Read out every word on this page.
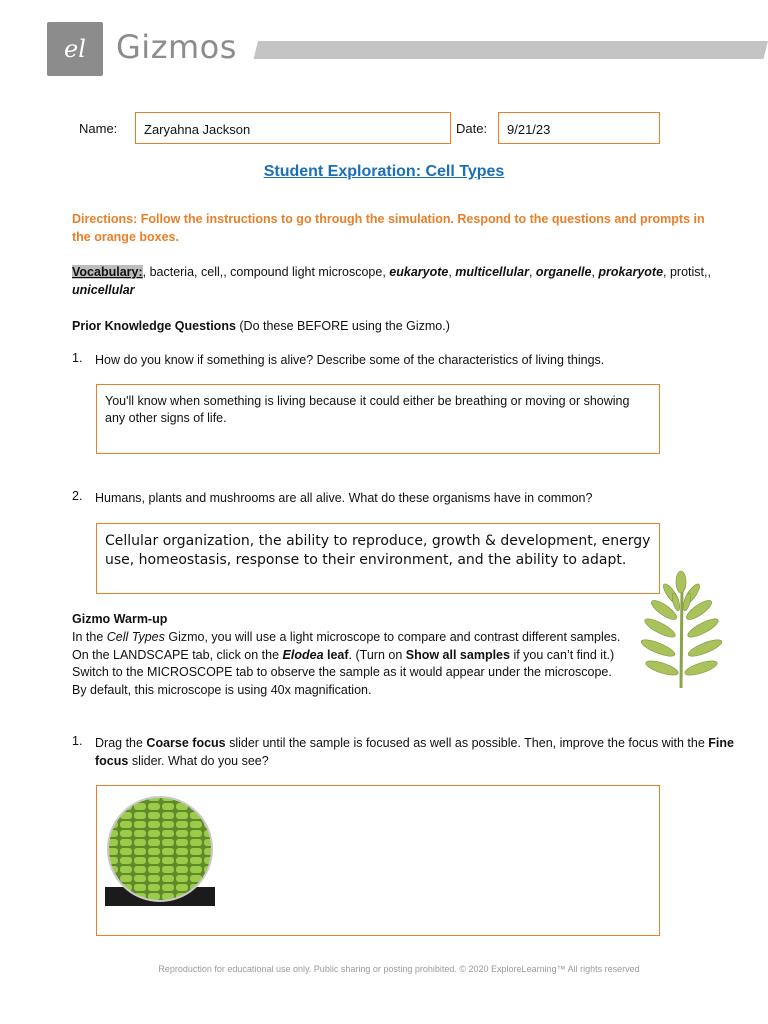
el Gizmos
Name:	Zaryahna Jackson	Date:	9/21/23
Student Exploration: Cell Types
Directions: Follow the instructions to go through the simulation. Respond to the questions and prompts in the orange boxes.
Vocabulary:, bacteria, cell,, compound light microscope, eukaryote, multicellular, organelle, prokaryote, protist,, unicellular
Prior Knowledge Questions (Do these BEFORE using the Gizmo.)
1. How do you know if something is alive? Describe some of the characteristics of living things.
You'll know when something is living because it could either be breathing or moving or showing any other signs of life.
2. Humans, plants and mushrooms are all alive. What do these organisms have in common?
Cellular organization, the ability to reproduce, growth & development, energy use, homeostasis, response to their environment, and the ability to adapt.
Gizmo Warm-up
In the Cell Types Gizmo, you will use a light microscope to compare and contrast different samples. On the LANDSCAPE tab, click on the Elodea leaf. (Turn on Show all samples if you can’t find it.) Switch to the MICROSCOPE tab to observe the sample as it would appear under the microscope. By default, this microscope is using 40x magnification.
1. Drag the Coarse focus slider until the sample is focused as well as possible. Then, improve the focus with the Fine focus slider. What do you see?
Reproduction for educational use only. Public sharing or posting prohibited. © 2020 ExploreLearning™ All rights reserved
